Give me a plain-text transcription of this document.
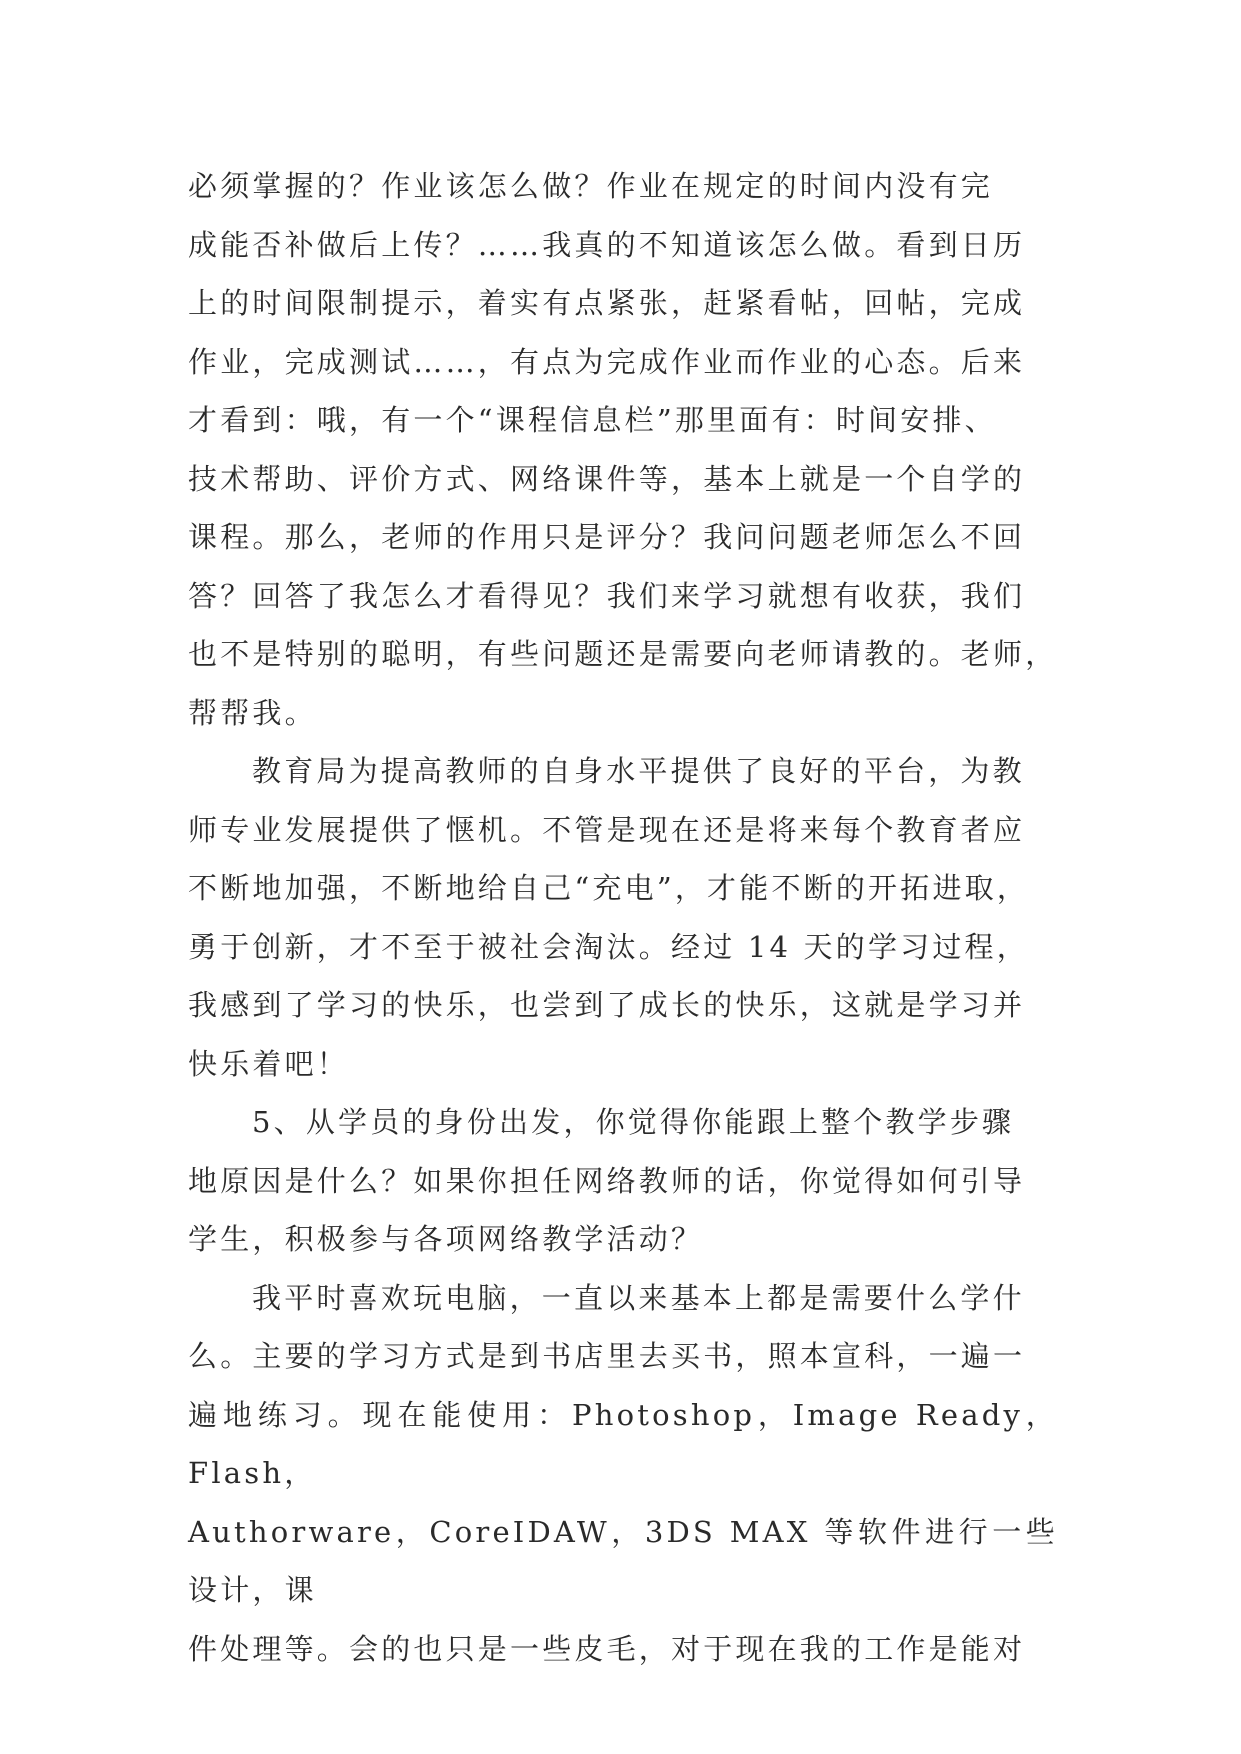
必须掌握的？作业该怎么做？作业在规定的时间内没有完
成能否补做后上传？……我真的不知道该怎么做。看到日历
上的时间限制提示，着实有点紧张，赶紧看帖，回帖，完成
作业，完成测试……，有点为完成作业而作业的心态。后来
才看到：哦，有一个“课程信息栏”那里面有：时间安排、
技术帮助、评价方式、网络课件等，基本上就是一个自学的
课程。那么，老师的作用只是评分？我问问题老师怎么不回
答？回答了我怎么才看得见？我们来学习就想有收获，我们
也不是特别的聪明，有些问题还是需要向老师请教的。老师，
帮帮我。

教育局为提高教师的自身水平提供了良好的平台，为教
师专业发展提供了惬机。不管是现在还是将来每个教育者应
不断地加强，不断地给自己“充电”，才能不断的开拓进取，
勇于创新，才不至于被社会淘汰。经过 14 天的学习过程，
我感到了学习的快乐，也尝到了成长的快乐，这就是学习并
快乐着吧！

5、从学员的身份出发，你觉得你能跟上整个教学步骤
地原因是什么？如果你担任网络教师的话，你觉得如何引导
学生，积极参与各项网络教学活动？

我平时喜欢玩电脑，一直以来基本上都是需要什么学什
么。主要的学习方式是到书店里去买书，照本宣科，一遍一
遍地练习。现在能使用：Photoshop，Image Ready，Flash，
Authorware，CoreIDAW，3DS MAX 等软件进行一些设计，课
件处理等。会的也只是一些皮毛，对于现在我的工作是能对
